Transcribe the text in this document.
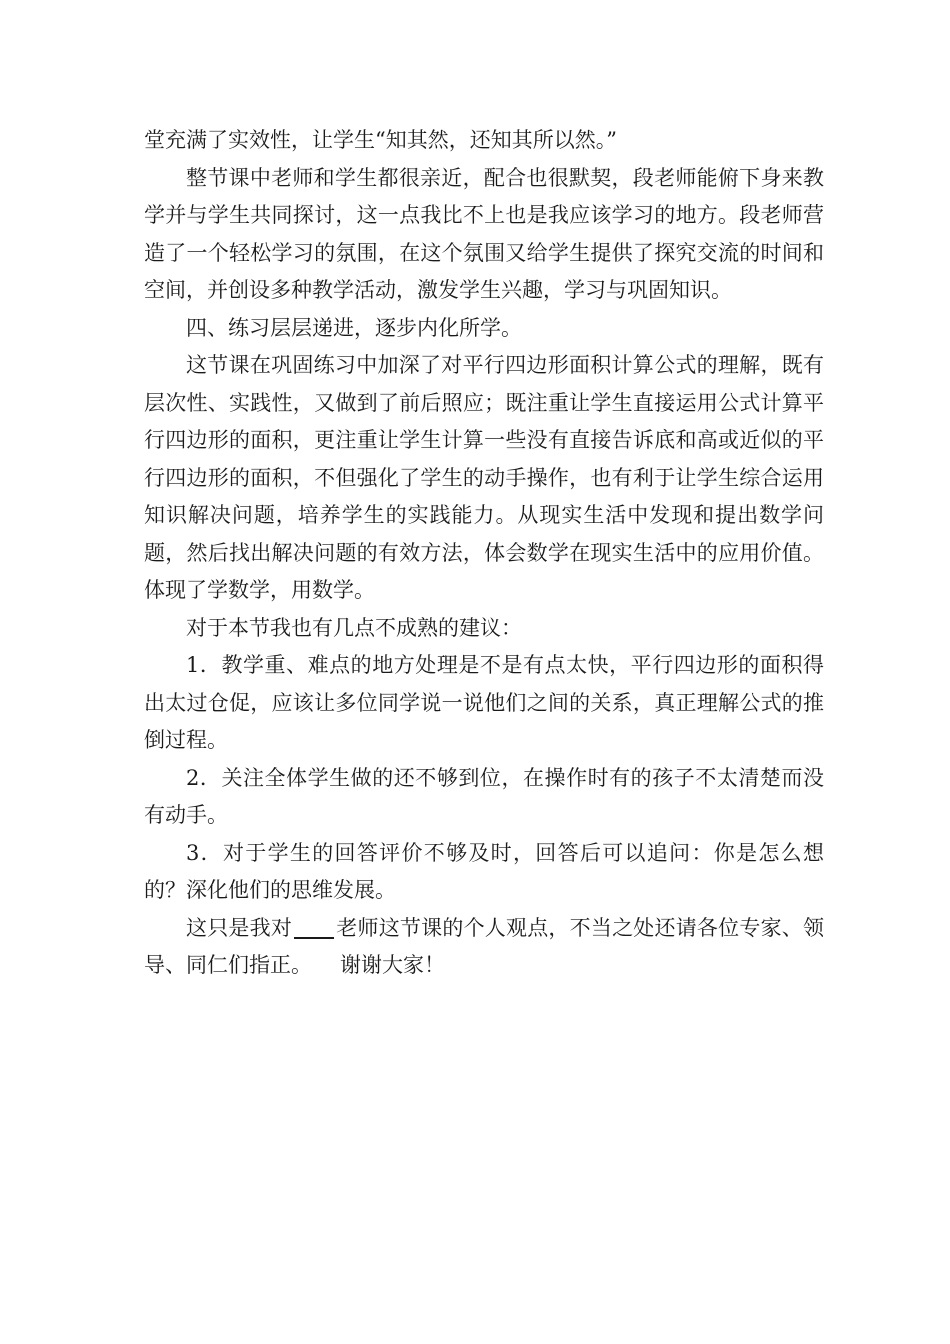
堂充满了实效性，让学生“知其然，还知其所以然。”

整节课中老师和学生都很亲近，配合也很默契，段老师能俯下身来教学并与学生共同探讨，这一点我比不上也是我应该学习的地方。段老师营造了一个轻松学习的氛围，在这个氛围又给学生提供了探究交流的时间和空间，并创设多种教学活动，激发学生兴趣，学习与巩固知识。

四、练习层层递进，逐步内化所学。

这节课在巩固练习中加深了对平行四边形面积计算公式的理解，既有层次性、实践性，又做到了前后照应；既注重让学生直接运用公式计算平行四边形的面积，更注重让学生计算一些没有直接告诉底和高或近似的平行四边形的面积，不但强化了学生的动手操作，也有利于让学生综合运用知识解决问题，培养学生的实践能力。从现实生活中发现和提出数学问题，然后找出解决问题的有效方法，体会数学在现实生活中的应用价值。体现了学数学，用数学。

对于本节我也有几点不成熟的建议：

1．教学重、难点的地方处理是不是有点太快，平行四边形的面积得出太过仓促，应该让多位同学说一说他们之间的关系，真正理解公式的推倒过程。

2．关注全体学生做的还不够到位，在操作时有的孩子不太清楚而没有动手。

3．对于学生的回答评价不够及时，回答后可以追问：你是怎么想的？深化他们的思维发展。

这只是我对 老师这节课的个人观点，不当之处还请各位专家、领导、同仁们指正。 谢谢大家！
